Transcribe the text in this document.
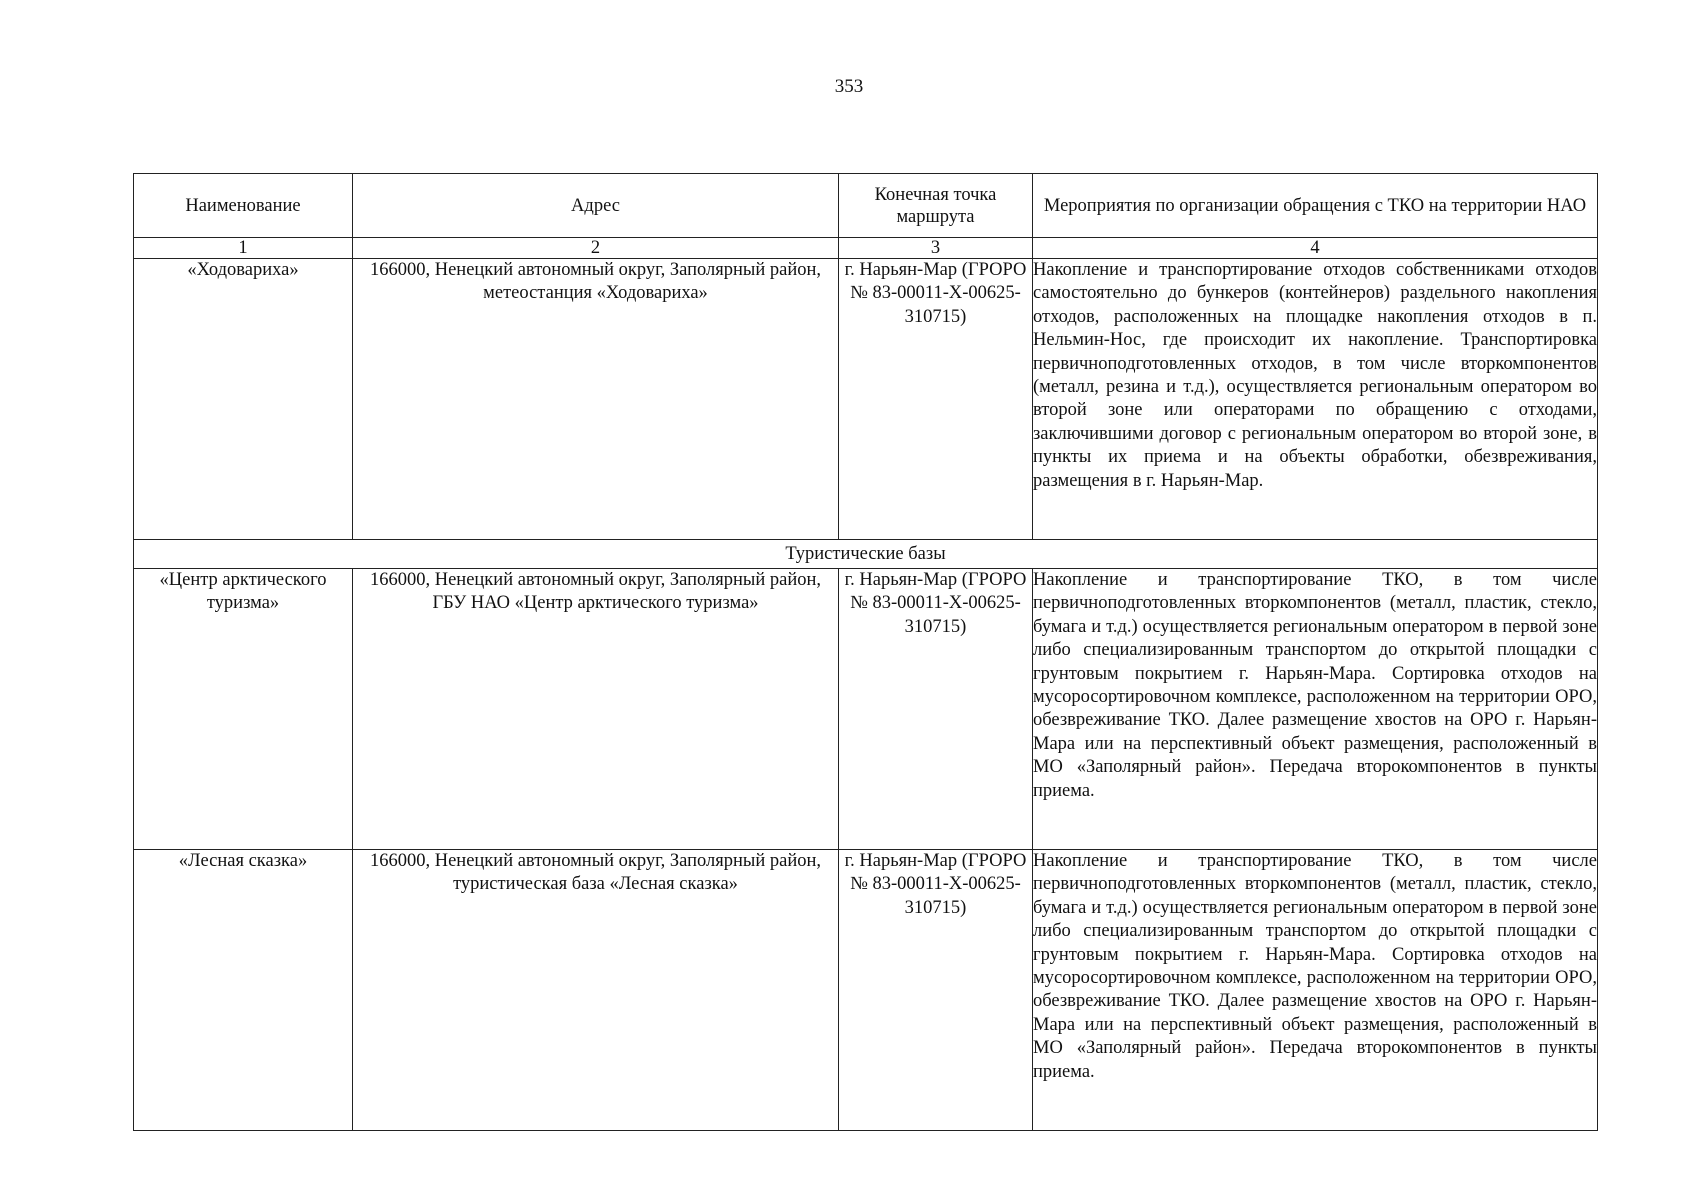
353
Наименование	Адрес	Конечная точка маршрута	Мероприятия по организации обращения с ТКО на территории НАО
1	2	3	4
«Ходовариха»	166000, Ненецкий автономный округ, Заполярный район, метеостанция «Ходовариха»	г. Нарьян-Мар (ГРОРО № 83-00011-Х-00625-310715)	Накопление и транспортирование отходов собственниками отходов самостоятельно до бункеров (контейнеров) раздельного накопления отходов, расположенных на площадке накопления отходов в п. Нельмин-Нос, где происходит их накопление. Транспортировка первичноподготовленных отходов, в том числе вторкомпонентов (металл, резина и т.д.), осуществляется региональным оператором во второй зоне или операторами по обращению с отходами, заключившими договор с региональным оператором во второй зоне, в пункты их приема и на объекты обработки, обезвреживания, размещения в г. Нарьян-Мар.
Туристические базы			
«Центр арктического туризма»	166000, Ненецкий автономный округ, Заполярный район, ГБУ НАО «Центр арктического туризма»	г. Нарьян-Мар (ГРОРО № 83-00011-Х-00625-310715)	Накопление и транспортирование ТКО, в том числе первичноподготовленных вторкомпонентов (металл, пластик, стекло, бумага и т.д.) осуществляется региональным оператором в первой зоне либо специализированным транспортом до открытой площадки с грунтовым покрытием г. Нарьян-Мара. Сортировка отходов на мусоросортировочном комплексе, расположенном на территории ОРО, обезвреживание ТКО. Далее размещение хвостов на ОРО г. Нарьян-Мара или на перспективный объект размещения, расположенный в МО «Заполярный район». Передача второкомпонентов в пункты приема.
«Лесная сказка»	166000, Ненецкий автономный округ, Заполярный район, туристическая база «Лесная сказка»	г. Нарьян-Мар (ГРОРО № 83-00011-Х-00625-310715)	Накопление и транспортирование ТКО, в том числе первичноподготовленных вторкомпонентов (металл, пластик, стекло, бумага и т.д.) осуществляется региональным оператором в первой зоне либо специализированным транспортом до открытой площадки с грунтовым покрытием г. Нарьян-Мара. Сортировка отходов на мусоросортировочном комплексе, расположенном на территории ОРО, обезвреживание ТКО. Далее размещение хвостов на ОРО г. Нарьян-Мара или на перспективный объект размещения, расположенный в МО «Заполярный район». Передача второкомпонентов в пункты приема.
